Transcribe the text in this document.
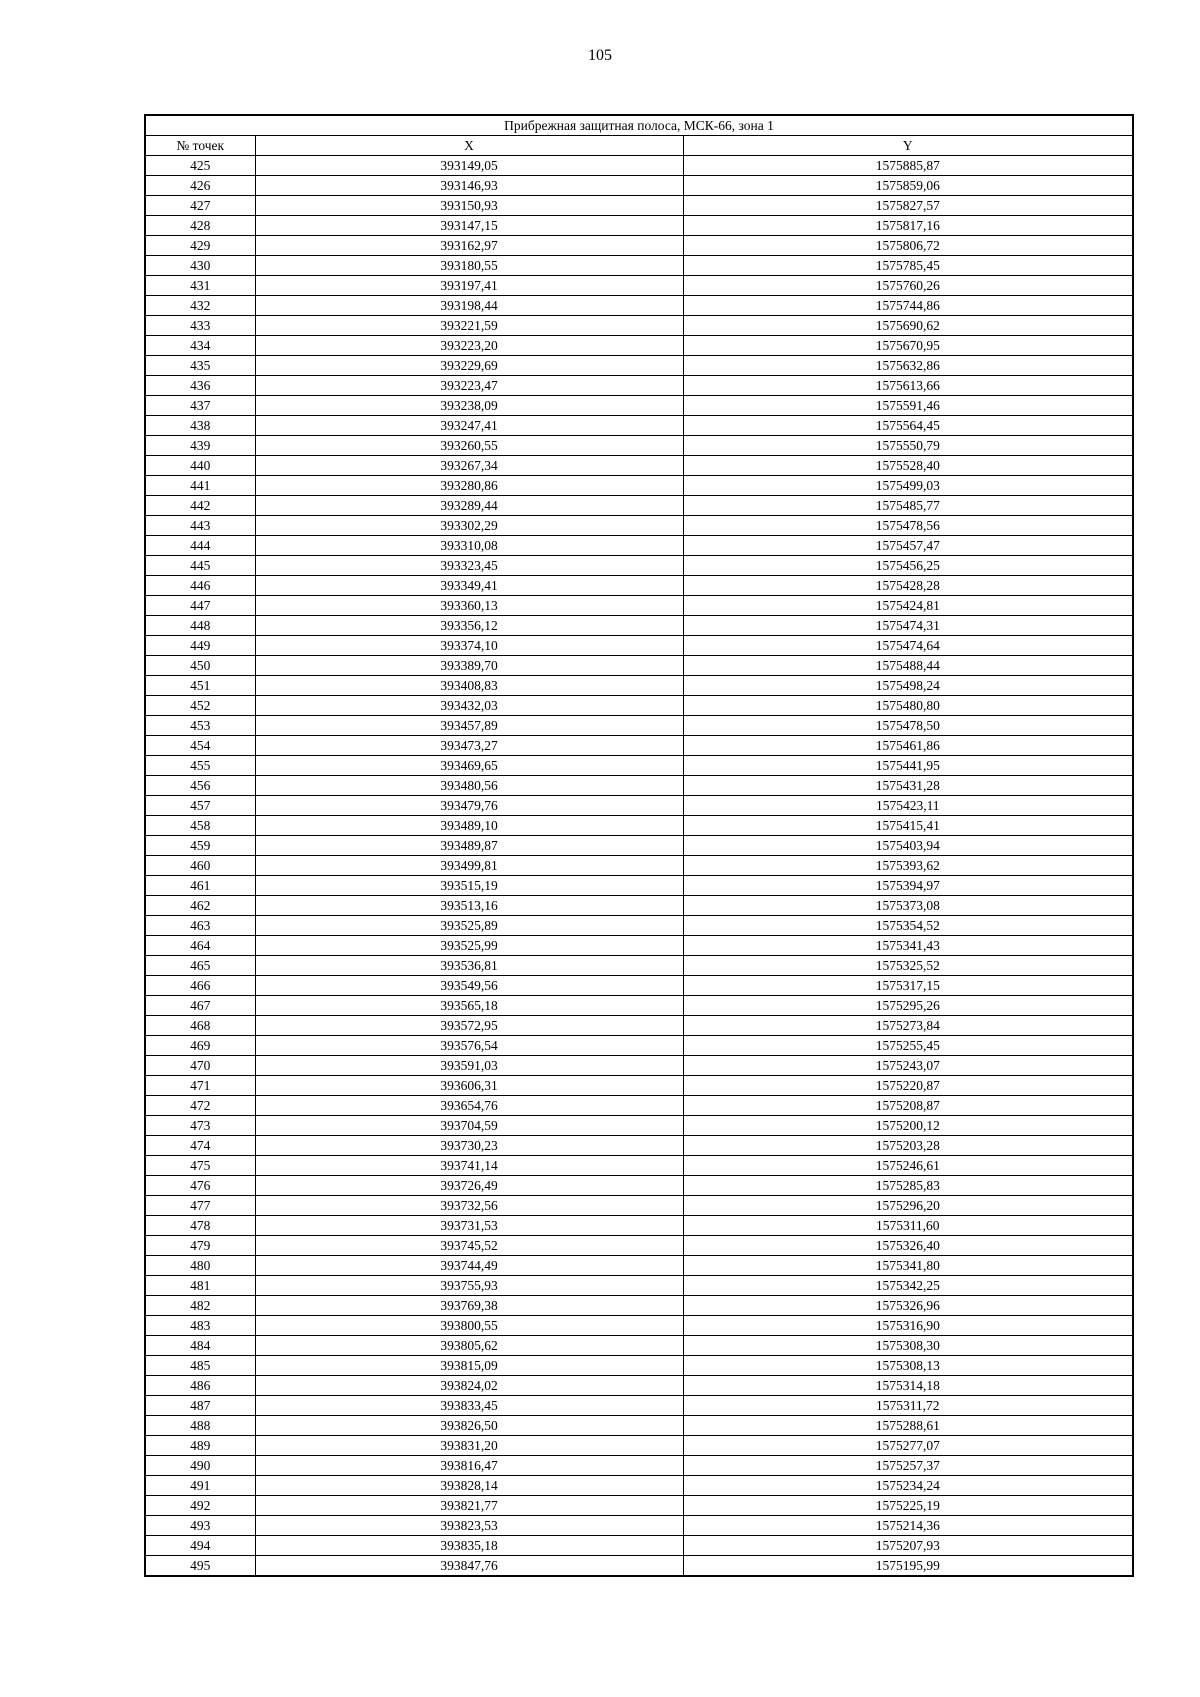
105
Прибрежная защитная полоса, МСК-66, зона 1		
№ точек	X	Y
425	393149,05	1575885,87
426	393146,93	1575859,06
427	393150,93	1575827,57
428	393147,15	1575817,16
429	393162,97	1575806,72
430	393180,55	1575785,45
431	393197,41	1575760,26
432	393198,44	1575744,86
433	393221,59	1575690,62
434	393223,20	1575670,95
435	393229,69	1575632,86
436	393223,47	1575613,66
437	393238,09	1575591,46
438	393247,41	1575564,45
439	393260,55	1575550,79
440	393267,34	1575528,40
441	393280,86	1575499,03
442	393289,44	1575485,77
443	393302,29	1575478,56
444	393310,08	1575457,47
445	393323,45	1575456,25
446	393349,41	1575428,28
447	393360,13	1575424,81
448	393356,12	1575474,31
449	393374,10	1575474,64
450	393389,70	1575488,44
451	393408,83	1575498,24
452	393432,03	1575480,80
453	393457,89	1575478,50
454	393473,27	1575461,86
455	393469,65	1575441,95
456	393480,56	1575431,28
457	393479,76	1575423,11
458	393489,10	1575415,41
459	393489,87	1575403,94
460	393499,81	1575393,62
461	393515,19	1575394,97
462	393513,16	1575373,08
463	393525,89	1575354,52
464	393525,99	1575341,43
465	393536,81	1575325,52
466	393549,56	1575317,15
467	393565,18	1575295,26
468	393572,95	1575273,84
469	393576,54	1575255,45
470	393591,03	1575243,07
471	393606,31	1575220,87
472	393654,76	1575208,87
473	393704,59	1575200,12
474	393730,23	1575203,28
475	393741,14	1575246,61
476	393726,49	1575285,83
477	393732,56	1575296,20
478	393731,53	1575311,60
479	393745,52	1575326,40
480	393744,49	1575341,80
481	393755,93	1575342,25
482	393769,38	1575326,96
483	393800,55	1575316,90
484	393805,62	1575308,30
485	393815,09	1575308,13
486	393824,02	1575314,18
487	393833,45	1575311,72
488	393826,50	1575288,61
489	393831,20	1575277,07
490	393816,47	1575257,37
491	393828,14	1575234,24
492	393821,77	1575225,19
493	393823,53	1575214,36
494	393835,18	1575207,93
495	393847,76	1575195,99
